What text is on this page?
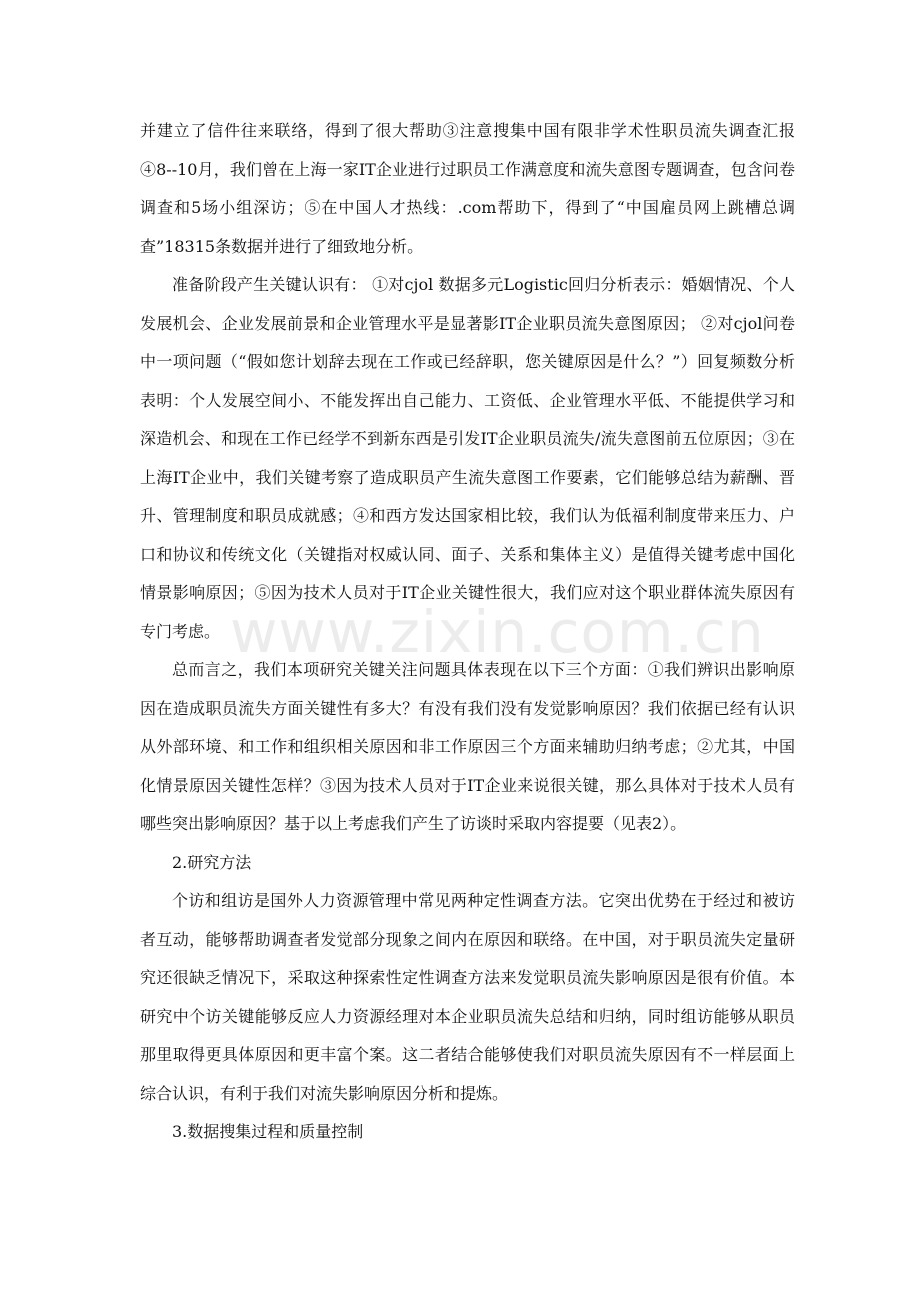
www.zixin.com.cn

并建立了信件往来联络，得到了很大帮助③注意搜集中国有限非学术性职员流失调查汇报④8--10月，我们曾在上海一家IT企业进行过职员工作满意度和流失意图专题调查，包含问卷调查和5场小组深访；⑤在中国人才热线：.com帮助下，得到了“中国雇员网上跳槽总调查”18315条数据并进行了细致地分析。

准备阶段产生关键认识有： ①对cjol 数据多元Logistic回归分析表示：婚姻情况、个人发展机会、企业发展前景和企业管理水平是显著影IT企业职员流失意图原因； ②对cjol问卷中一项问题（“假如您计划辞去现在工作或已经辞职，您关键原因是什么？”）回复频数分析表明：个人发展空间小、不能发挥出自己能力、工资低、企业管理水平低、不能提供学习和深造机会、和现在工作已经学不到新东西是引发IT企业职员流失/流失意图前五位原因；③在上海IT企业中，我们关键考察了造成职员产生流失意图工作要素，它们能够总结为薪酬、晋升、管理制度和职员成就感；④和西方发达国家相比较，我们认为低福利制度带来压力、户口和协议和传统文化（关键指对权威认同、面子、关系和集体主义）是值得关键考虑中国化情景影响原因；⑤因为技术人员对于IT企业关键性很大，我们应对这个职业群体流失原因有专门考虑。

总而言之，我们本项研究关键关注问题具体表现在以下三个方面：①我们辨识出影响原因在造成职员流失方面关键性有多大？有没有我们没有发觉影响原因？我们依据已经有认识从外部环境、和工作和组织相关原因和非工作原因三个方面来辅助归纳考虑；②尤其，中国化情景原因关键性怎样？③因为技术人员对于IT企业来说很关键，那么具体对于技术人员有哪些突出影响原因？基于以上考虑我们产生了访谈时采取内容提要（见表2）。

2.研究方法

个访和组访是国外人力资源管理中常见两种定性调查方法。它突出优势在于经过和被访者互动，能够帮助调查者发觉部分现象之间内在原因和联络。在中国，对于职员流失定量研究还很缺乏情况下，采取这种探索性定性调查方法来发觉职员流失影响原因是很有价值。本研究中个访关键能够反应人力资源经理对本企业职员流失总结和归纳，同时组访能够从职员那里取得更具体原因和更丰富个案。这二者结合能够使我们对职员流失原因有不一样层面上综合认识，有利于我们对流失影响原因分析和提炼。

3.数据搜集过程和质量控制
